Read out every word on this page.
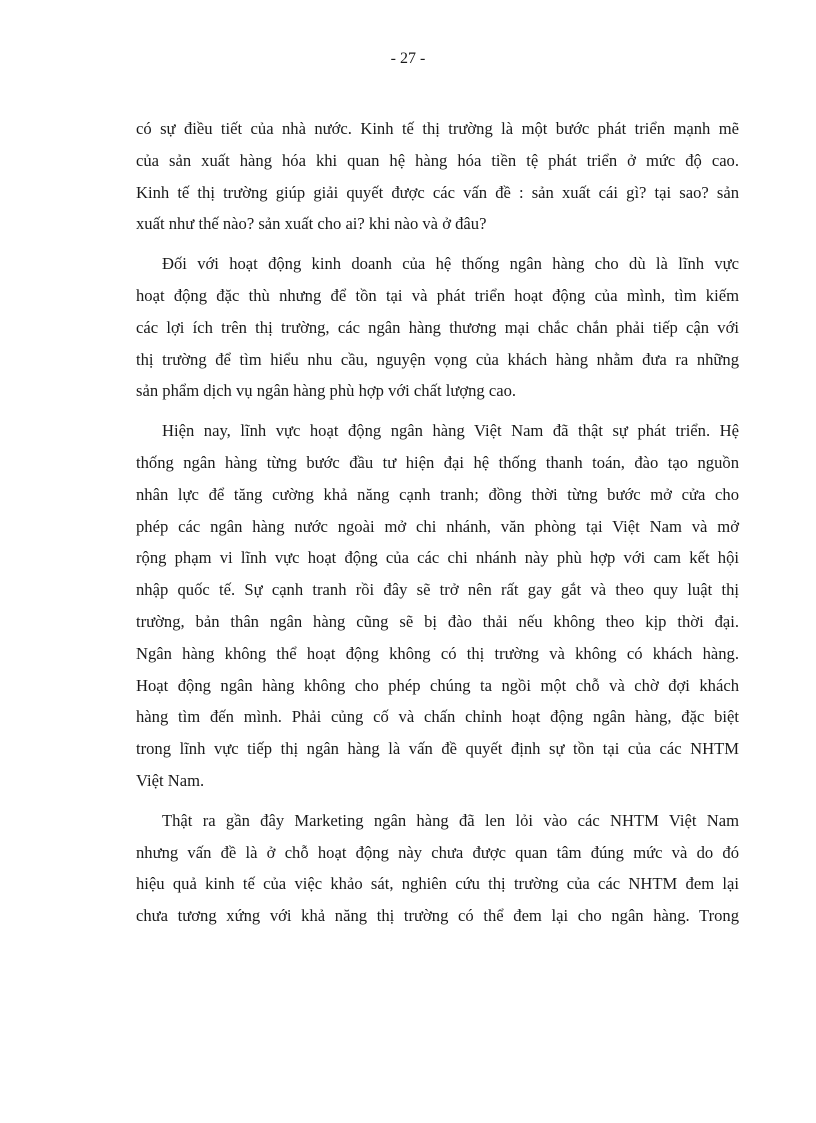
- 27 -

có sự điều tiết của nhà nước. Kinh tế thị trường là một bước phát triển mạnh mẽ
của sản xuất hàng hóa khi quan hệ hàng hóa tiền tệ phát triển ở mức độ cao.
Kinh tế thị trường giúp giải quyết được các vấn đề : sản xuất cái gì? tại sao? sản
xuất như thế nào? sản xuất cho ai? khi nào và ở đâu?

Đối với hoạt động kinh doanh của hệ thống ngân hàng cho dù là lĩnh vực
hoạt động đặc thù nhưng để tồn tại và phát triển hoạt động của mình, tìm kiếm
các lợi ích trên thị trường, các ngân hàng thương mại chắc chắn phải tiếp cận với
thị trường để tìm hiểu nhu cầu, nguyện vọng của khách hàng nhằm đưa ra những
sản phẩm dịch vụ ngân hàng phù hợp với chất lượng cao.

Hiện nay, lĩnh vực hoạt động ngân hàng Việt Nam đã thật sự phát triển. Hệ
thống ngân hàng từng bước đầu tư hiện đại hệ thống thanh toán, đào tạo nguồn
nhân lực để tăng cường khả năng cạnh tranh; đồng thời từng bước mở cửa cho
phép các ngân hàng nước ngoài mở chi nhánh, văn phòng tại Việt Nam và mở
rộng phạm vi lĩnh vực hoạt động của các chi nhánh này phù hợp với cam kết hội
nhập quốc tế. Sự cạnh tranh rồi đây sẽ trở nên rất gay gắt và theo quy luật thị
trường, bản thân ngân hàng cũng sẽ bị đào thải nếu không theo kịp thời đại.
Ngân hàng không thể hoạt động không có thị trường và không có khách hàng.
Hoạt động ngân hàng không cho phép chúng ta ngồi một chỗ và chờ đợi khách
hàng tìm đến mình. Phải củng cố và chấn chỉnh hoạt động ngân hàng, đặc biệt
trong lĩnh vực tiếp thị ngân hàng là vấn đề quyết định sự tồn tại của các NHTM
Việt Nam.

Thật ra gần đây Marketing ngân hàng đã len lỏi vào các NHTM Việt Nam
nhưng vấn đề là ở chỗ hoạt động này chưa được quan tâm đúng mức và do đó
hiệu quả kinh tế của việc khảo sát, nghiên cứu thị trường của các NHTM đem lại
chưa tương xứng với khả năng thị trường có thể đem lại cho ngân hàng. Trong
